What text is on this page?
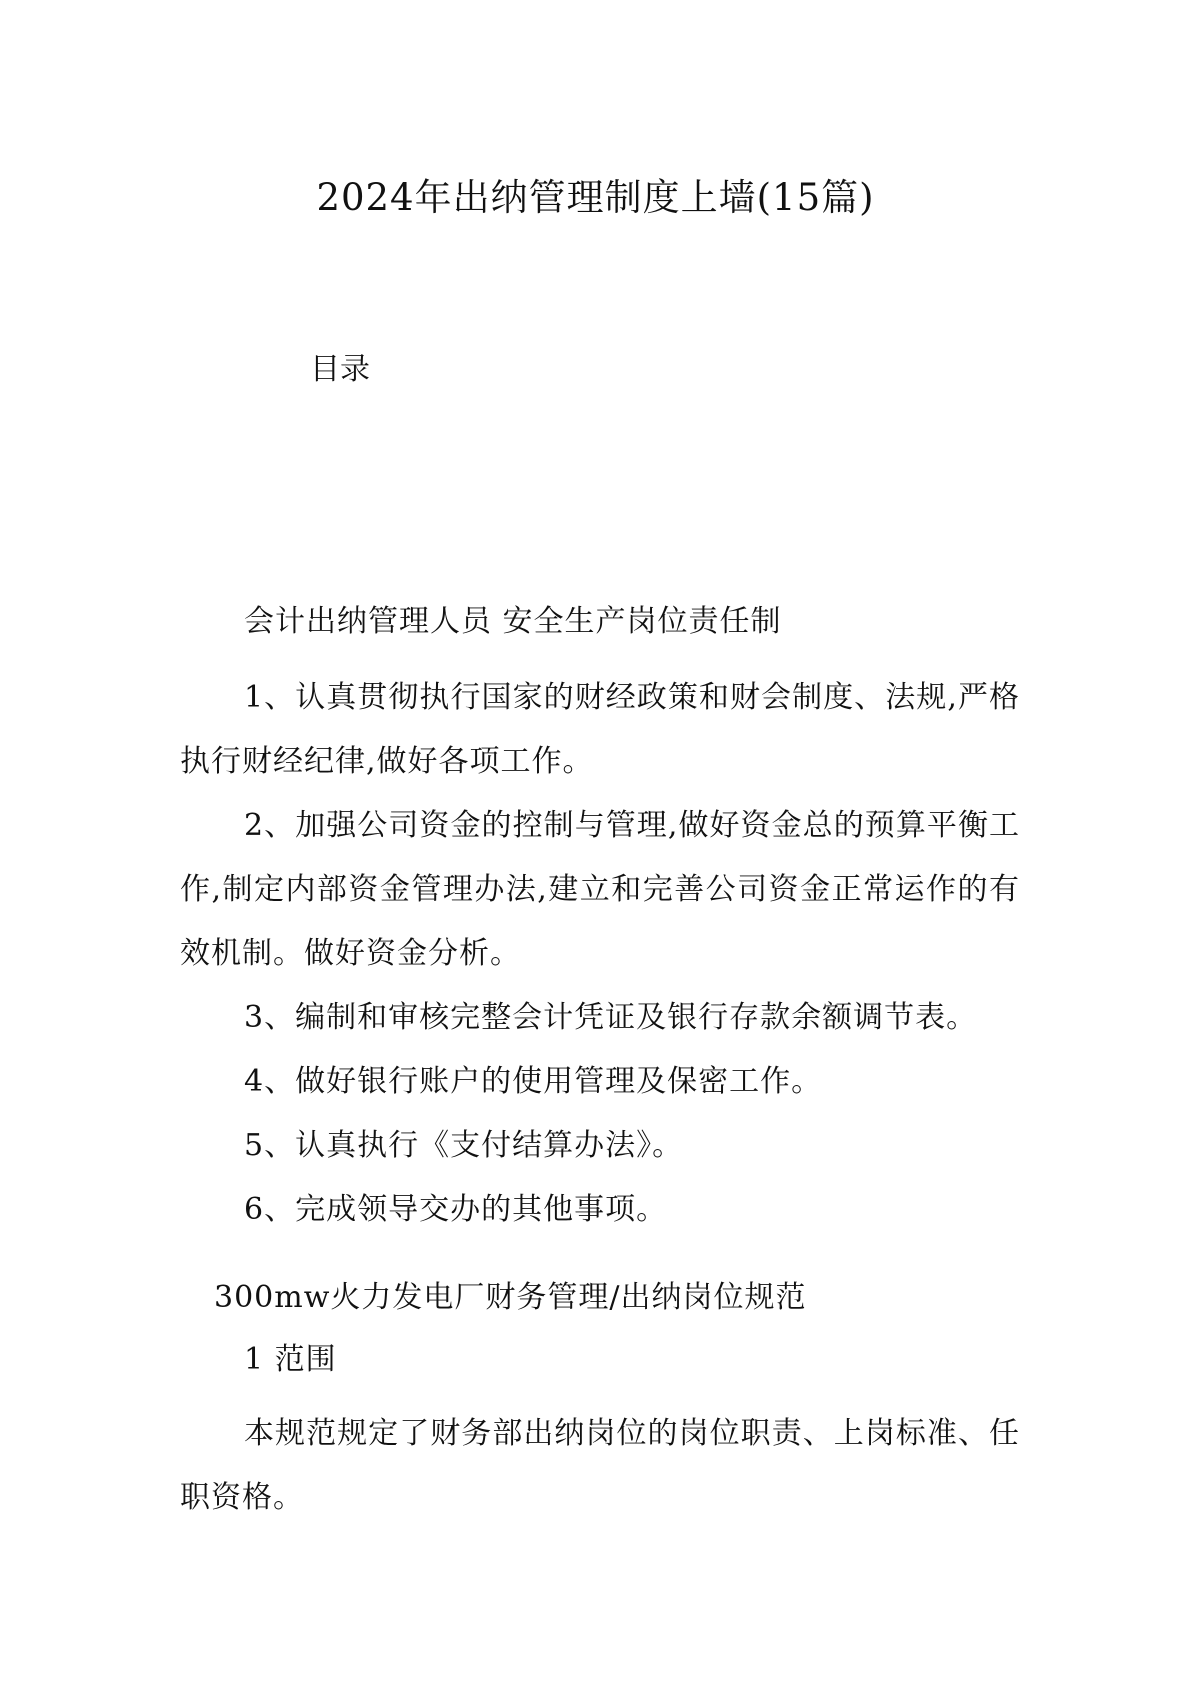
2024年出纳管理制度上墙(15篇)
目录

会计出纳管理人员 安全生产岗位责任制

1、认真贯彻执行国家的财经政策和财会制度、法规,严格执行财经纪律,做好各项工作。

2、加强公司资金的控制与管理,做好资金总的预算平衡工作,制定内部资金管理办法,建立和完善公司资金正常运作的有效机制。做好资金分析。

3、编制和审核完整会计凭证及银行存款余额调节表。

4、做好银行账户的使用管理及保密工作。

5、认真执行《支付结算办法》。

6、完成领导交办的其他事项。

300mw火力发电厂财务管理/出纳岗位规范

1 范围

本规范规定了财务部出纳岗位的岗位职责、上岗标准、任职资格。
